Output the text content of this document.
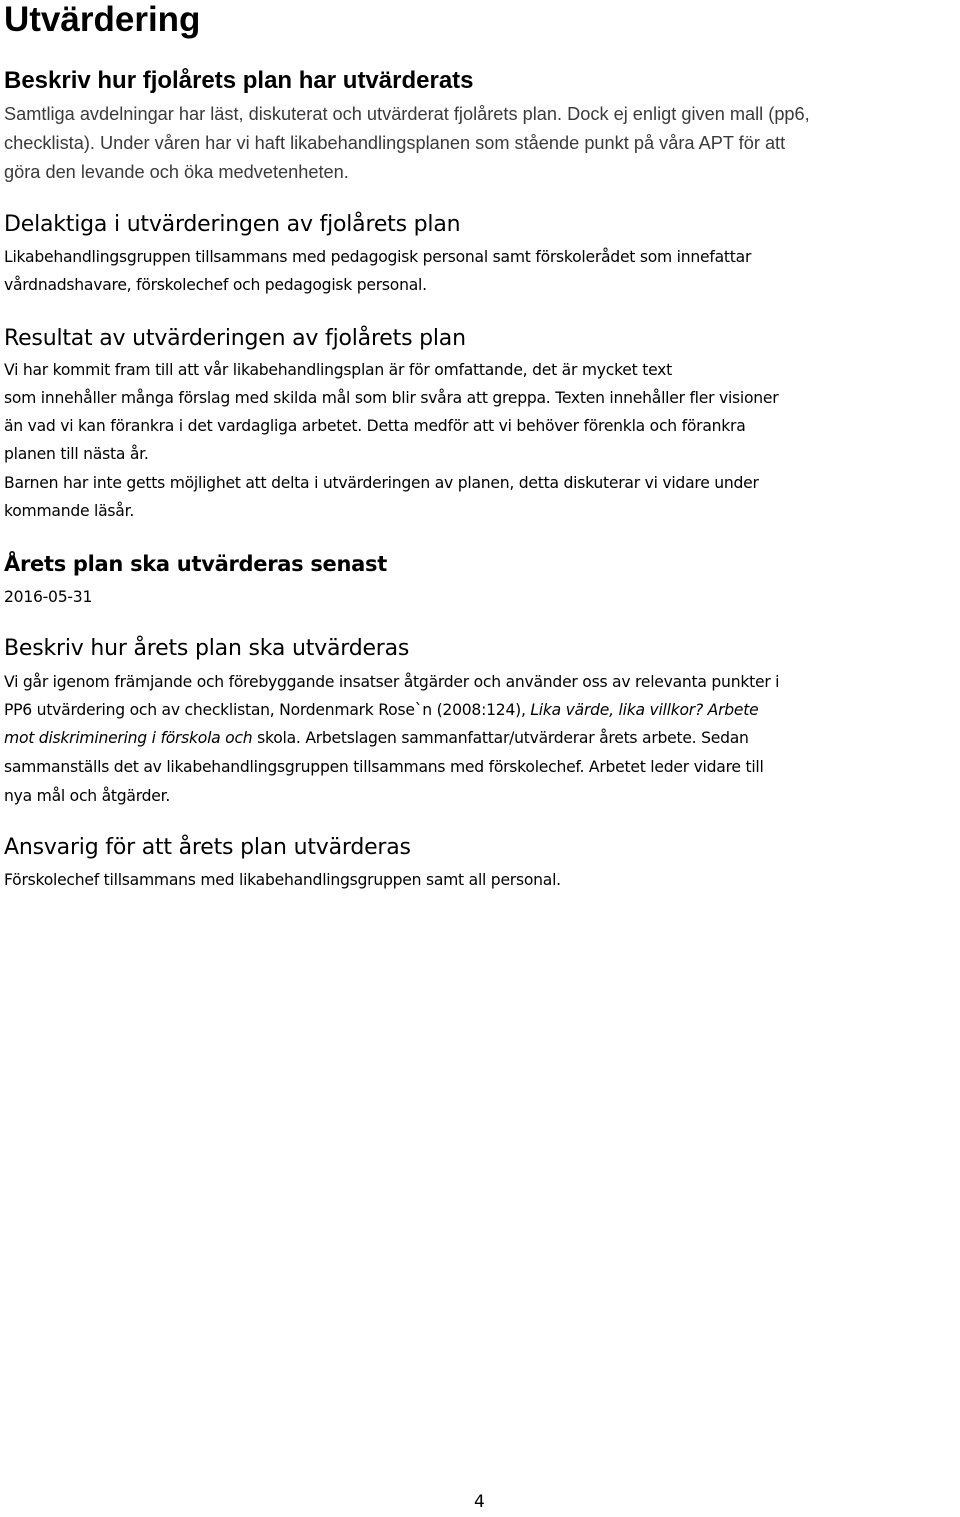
Utvärdering
Beskriv hur fjolårets plan har utvärderats

Samtliga avdelningar har läst, diskuterat och utvärderat fjolårets plan. Dock ej enligt given mall (pp6,

checklista). Under våren har vi haft likabehandlingsplanen som stående punkt på våra APT för att

göra den levande och öka medvetenheten.

Delaktiga i utvärderingen av fjolårets plan

Likabehandlingsgruppen tillsammans med pedagogisk personal samt förskolerådet som innefattar

vårdnadshavare, förskolechef och pedagogisk personal.

Resultat av utvärderingen av fjolårets plan

Vi har kommit fram till att vår likabehandlingsplan är för omfattande, det är mycket text

som innehåller många förslag med skilda mål som blir svåra att greppa. Texten innehåller fler visioner

än vad vi kan förankra i det vardagliga arbetet. Detta medför att vi behöver förenkla och förankra

planen till nästa år.

Barnen har inte getts möjlighet att delta i utvärderingen av planen, detta diskuterar vi vidare under

kommande läsår.

Årets plan ska utvärderas senast

2016-05-31

Beskriv hur årets plan ska utvärderas

Vi går igenom främjande och förebyggande insatser åtgärder och använder oss av relevanta punkter i

PP6 utvärdering och av checklistan, Nordenmark Rose`n (2008:124), Lika värde, lika villkor? Arbete

mot diskriminering i förskola och skola. Arbetslagen sammanfattar/utvärderar årets arbete. Sedan

sammanställs det av likabehandlingsgruppen tillsammans med förskolechef. Arbetet leder vidare till

nya mål och åtgärder.

Ansvarig för att årets plan utvärderas

Förskolechef tillsammans med likabehandlingsgruppen samt all personal.

4
